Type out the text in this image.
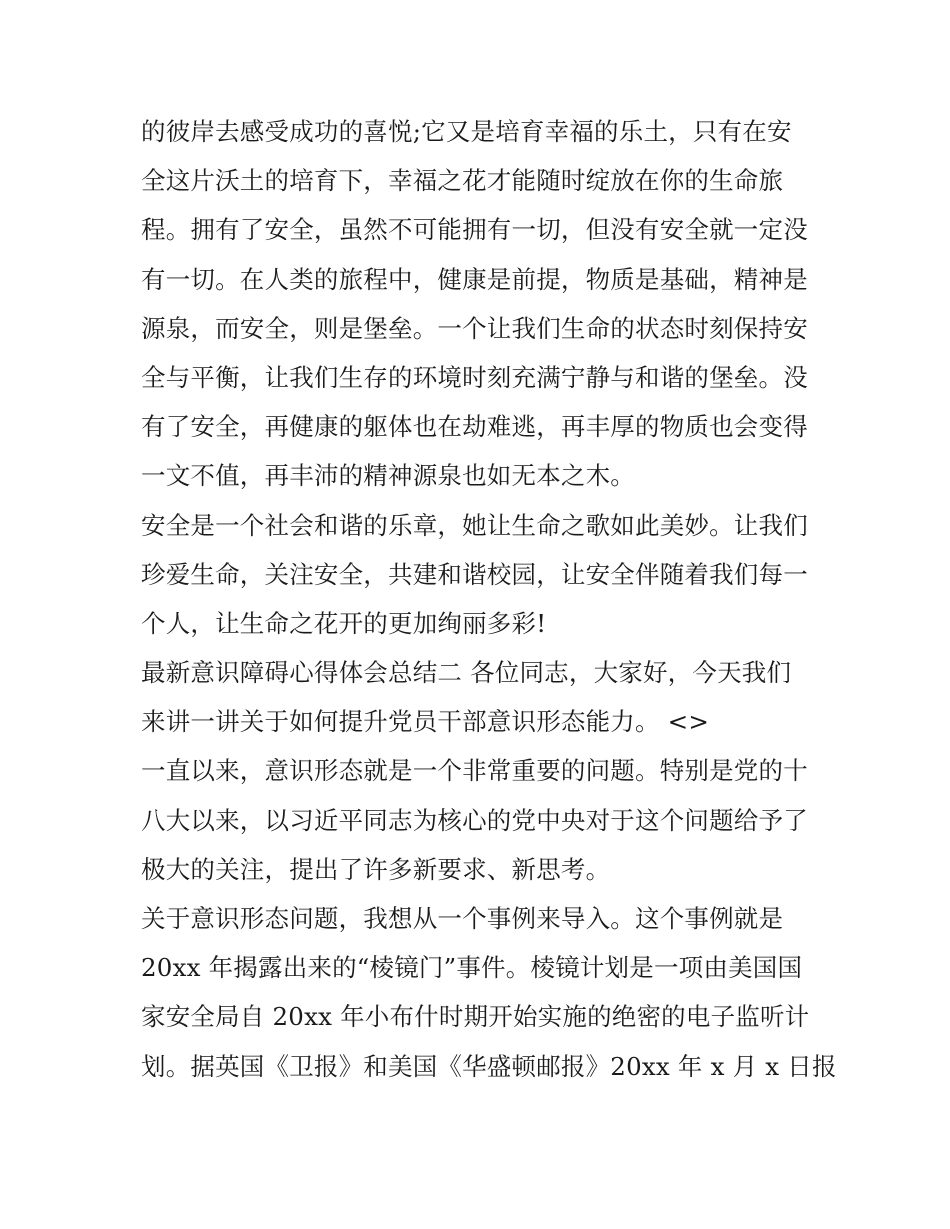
的彼岸去感受成功的喜悦;它又是培育幸福的乐土，只有在安
全这片沃土的培育下，幸福之花才能随时绽放在你的生命旅
程。拥有了安全，虽然不可能拥有一切，但没有安全就一定没
有一切。在人类的旅程中，健康是前提，物质是基础，精神是
源泉，而安全，则是堡垒。一个让我们生命的状态时刻保持安
全与平衡，让我们生存的环境时刻充满宁静与和谐的堡垒。没
有了安全，再健康的躯体也在劫难逃，再丰厚的物质也会变得
一文不值，再丰沛的精神源泉也如无本之木。
安全是一个社会和谐的乐章，她让生命之歌如此美妙。让我们
珍爱生命，关注安全，共建和谐校园，让安全伴随着我们每一
个人，让生命之花开的更加绚丽多彩!
最新意识障碍心得体会总结二 各位同志，大家好，今天我们
来讲一讲关于如何提升党员干部意识形态能力。 <>
一直以来，意识形态就是一个非常重要的问题。特别是党的十
八大以来，以习近平同志为核心的党中央对于这个问题给予了
极大的关注，提出了许多新要求、新思考。
关于意识形态问题，我想从一个事例来导入。这个事例就是
20xx 年揭露出来的“棱镜门”事件。棱镜计划是一项由美国国
家安全局自 20xx 年小布什时期开始实施的绝密的电子监听计
划。据英国《卫报》和美国《华盛顿邮报》20xx 年 x 月 x 日报
